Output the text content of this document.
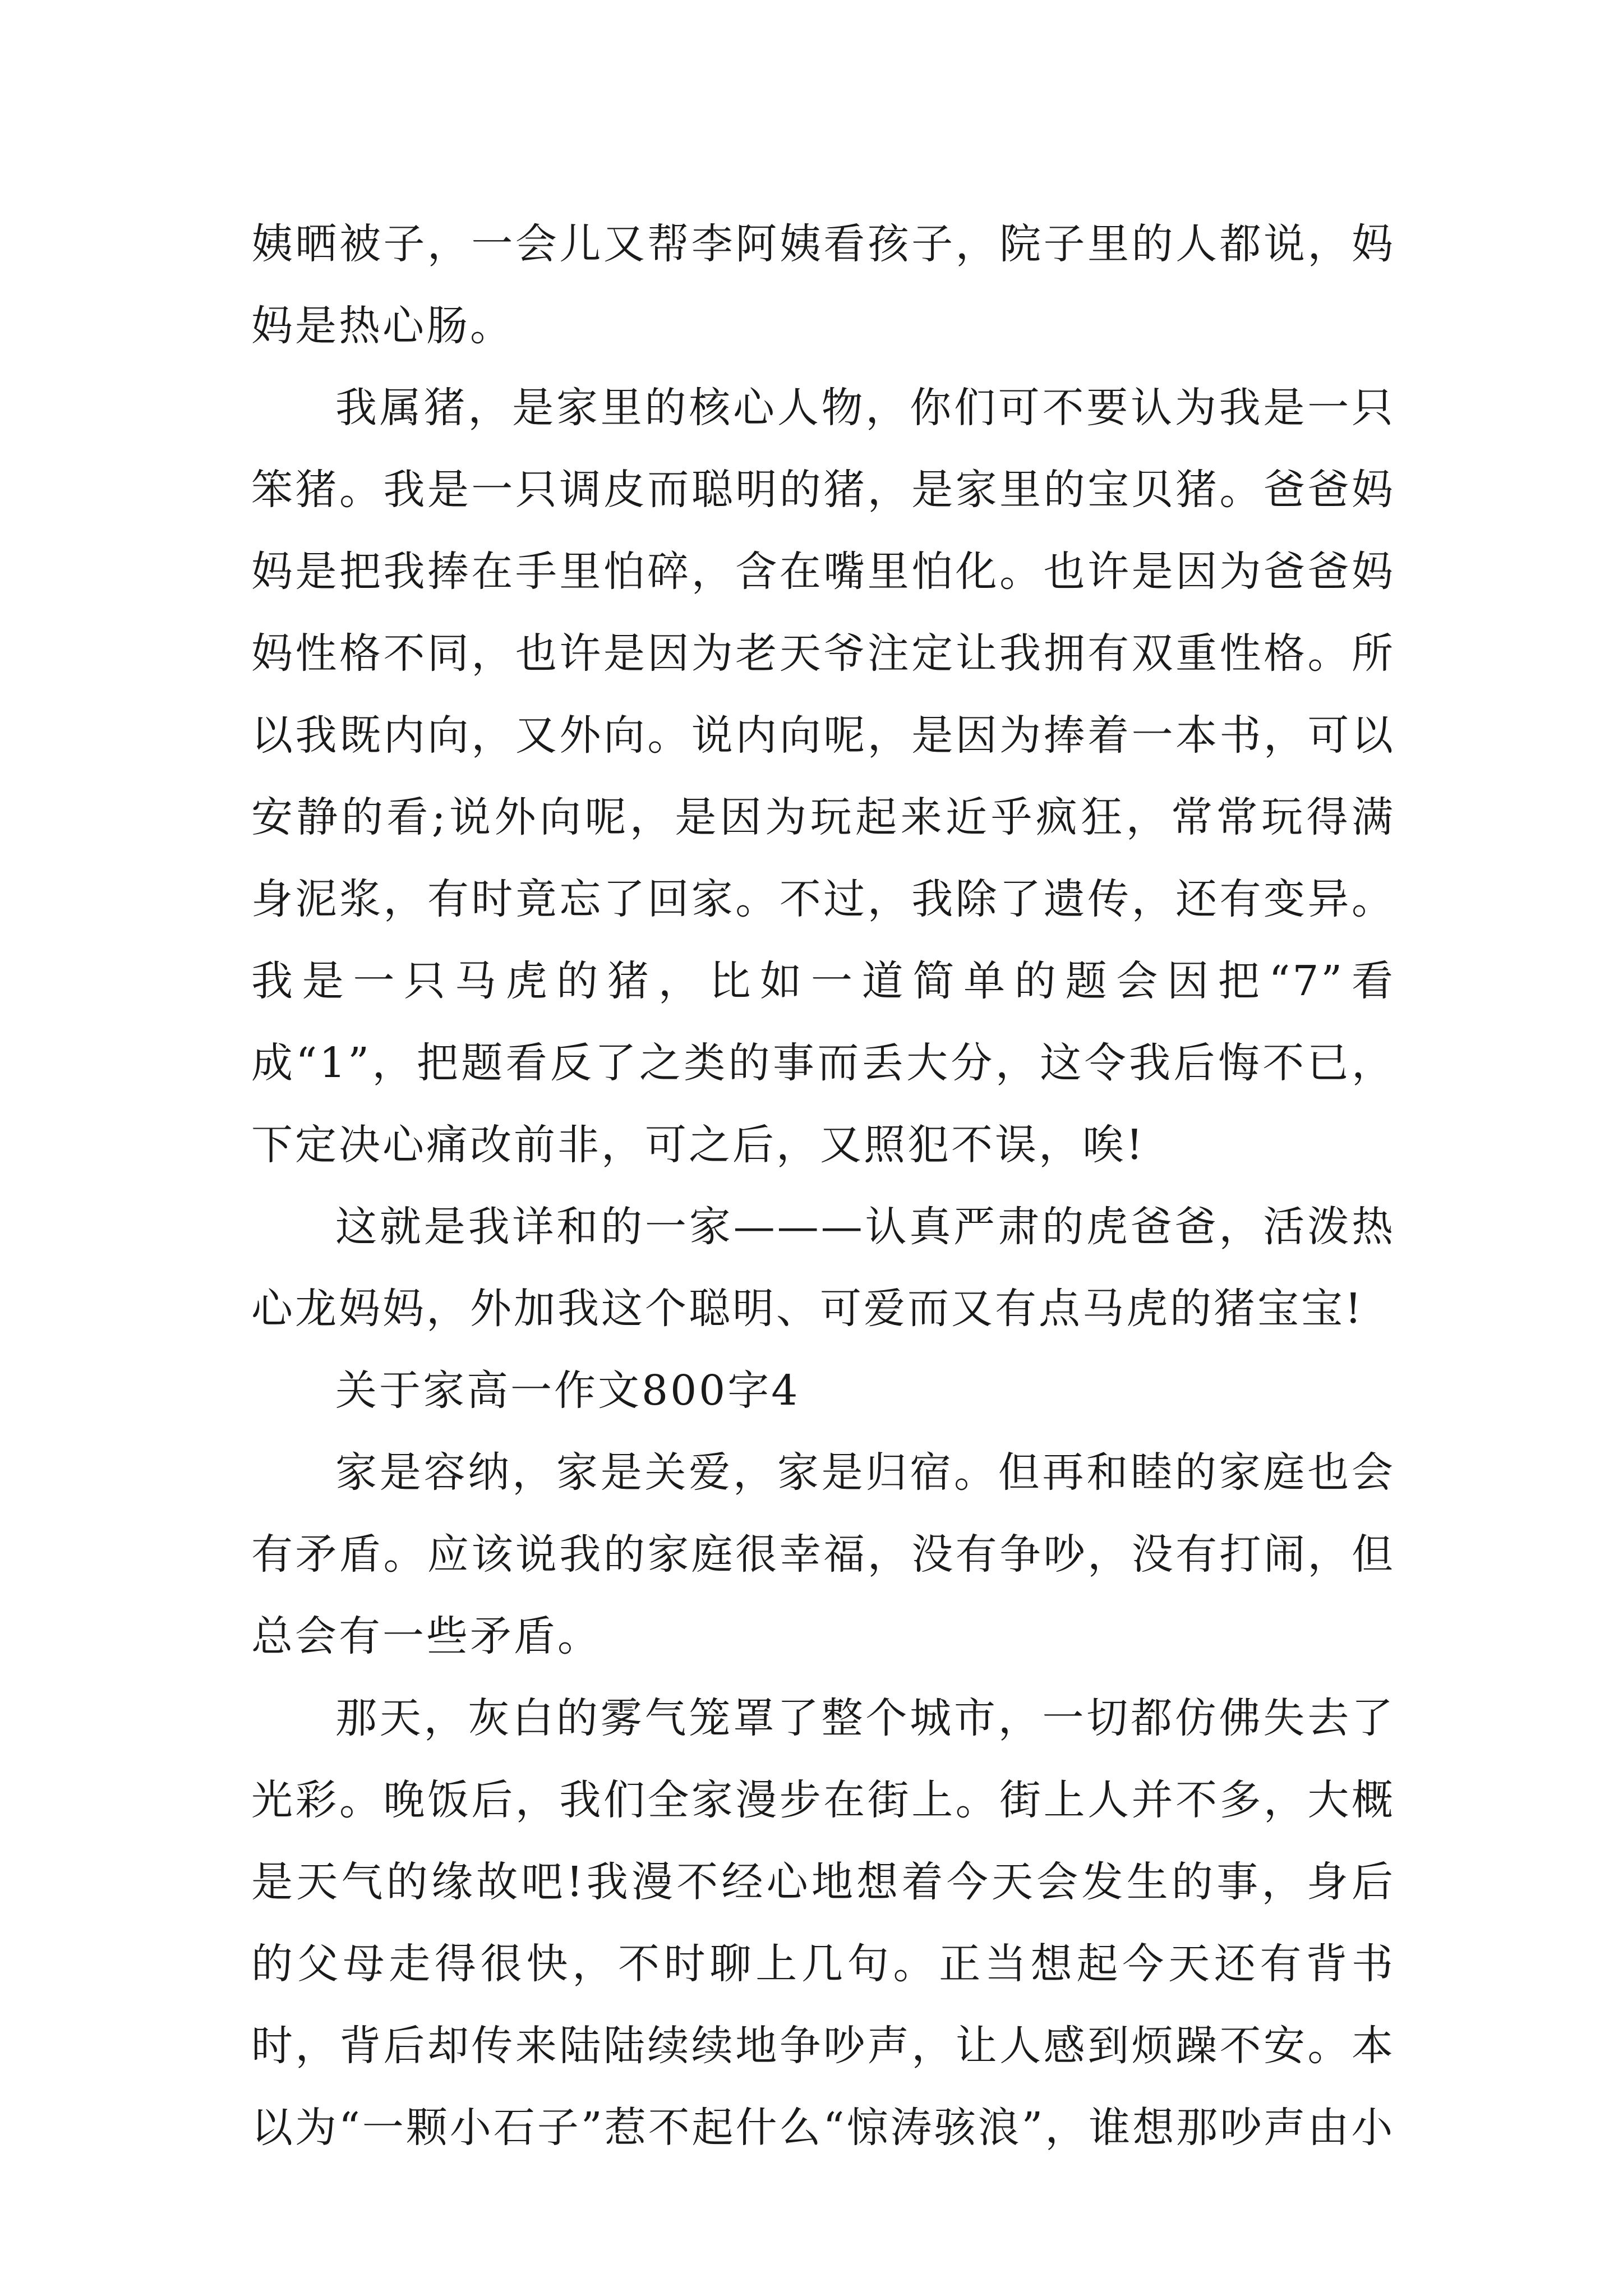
姨晒被子，一会儿又帮李阿姨看孩子，院子里的人都说，妈妈是热心肠。

我属猪，是家里的核心人物，你们可不要认为我是一只笨猪。我是一只调皮而聪明的猪，是家里的宝贝猪。爸爸妈妈是把我捧在手里怕碎，含在嘴里怕化。也许是因为爸爸妈妈性格不同，也许是因为老天爷注定让我拥有双重性格。所以我既内向，又外向。说内向呢，是因为捧着一本书，可以安静的看;说外向呢，是因为玩起来近乎疯狂，常常玩得满身泥浆，有时竟忘了回家。不过，我除了遗传，还有变异。我是一只马虎的猪，比如一道简单的题会因把“7”看成“1”，把题看反了之类的事而丢大分，这令我后悔不已，下定决心痛改前非，可之后，又照犯不误，唉!

这就是我详和的一家———认真严肃的虎爸爸，活泼热心龙妈妈，外加我这个聪明、可爱而又有点马虎的猪宝宝!

关于家高一作文800字4

家是容纳，家是关爱，家是归宿。但再和睦的家庭也会有矛盾。应该说我的家庭很幸福，没有争吵，没有打闹，但总会有一些矛盾。

那天，灰白的雾气笼罩了整个城市，一切都仿佛失去了光彩。晚饭后，我们全家漫步在街上。街上人并不多，大概是天气的缘故吧!我漫不经心地想着今天会发生的事，身后的父母走得很快，不时聊上几句。正当想起今天还有背书时，背后却传来陆陆续续地争吵声，让人感到烦躁不安。本以为“一颗小石子”惹不起什么“惊涛骇浪”，谁想那吵声由小
